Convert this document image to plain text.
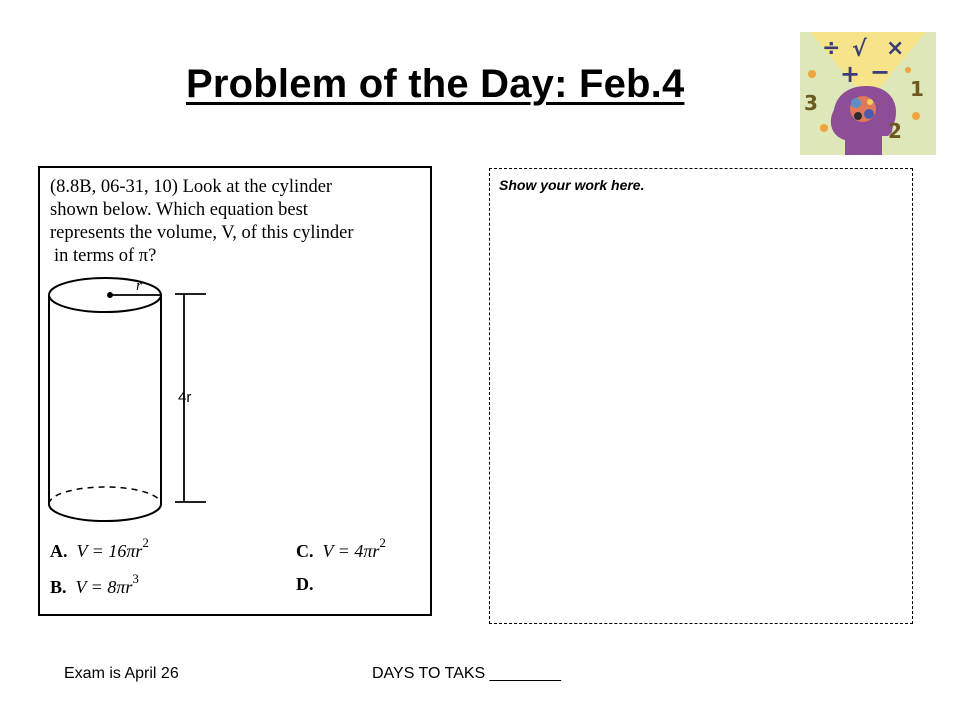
Problem of the Day: Feb.4
÷ √ ×
+ −
3
1
2
(8.8B, 06-31, 10) Look at the cylinder
shown below. Which equation best
represents the volume, V, of this cylinder
in terms of π?
r
4r
A. $V = 16\pi r^2$
B. $V = 8\pi r^3$
C. $V = 4\pi r^2$
D.
Show your work here.
Exam is April 26	DAYS TO TAKS ________
